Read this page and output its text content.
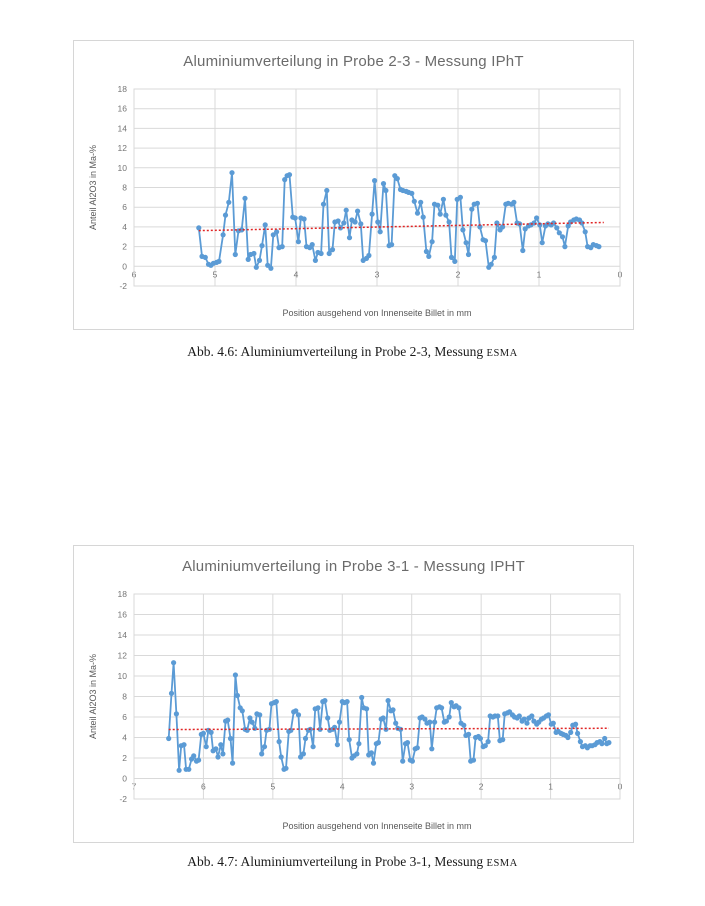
Aluminiumverteilung in Probe 2-3 - Messung IPhT
-2
0
2
4
6
8
10
12
14
16
18
6	5	4	3	2	1	0
Position ausgehend von Innenseite Billet in mm
Anteil Al2O3 in Ma-%
Abb. 4.6: Aluminiumverteilung in Probe 2-3, Messung ESMA
Aluminiumverteilung in Probe 3-1 - Messung IPHT
-2
0
2
4
6
8
10
12
14
16
18
7	6	5	4	3	2	1	0
Position ausgehend von Innenseite Billet in mm
Anteil Al2O3 in Ma-%
Abb. 4.7: Aluminiumverteilung in Probe 3-1, Messung ESMA
